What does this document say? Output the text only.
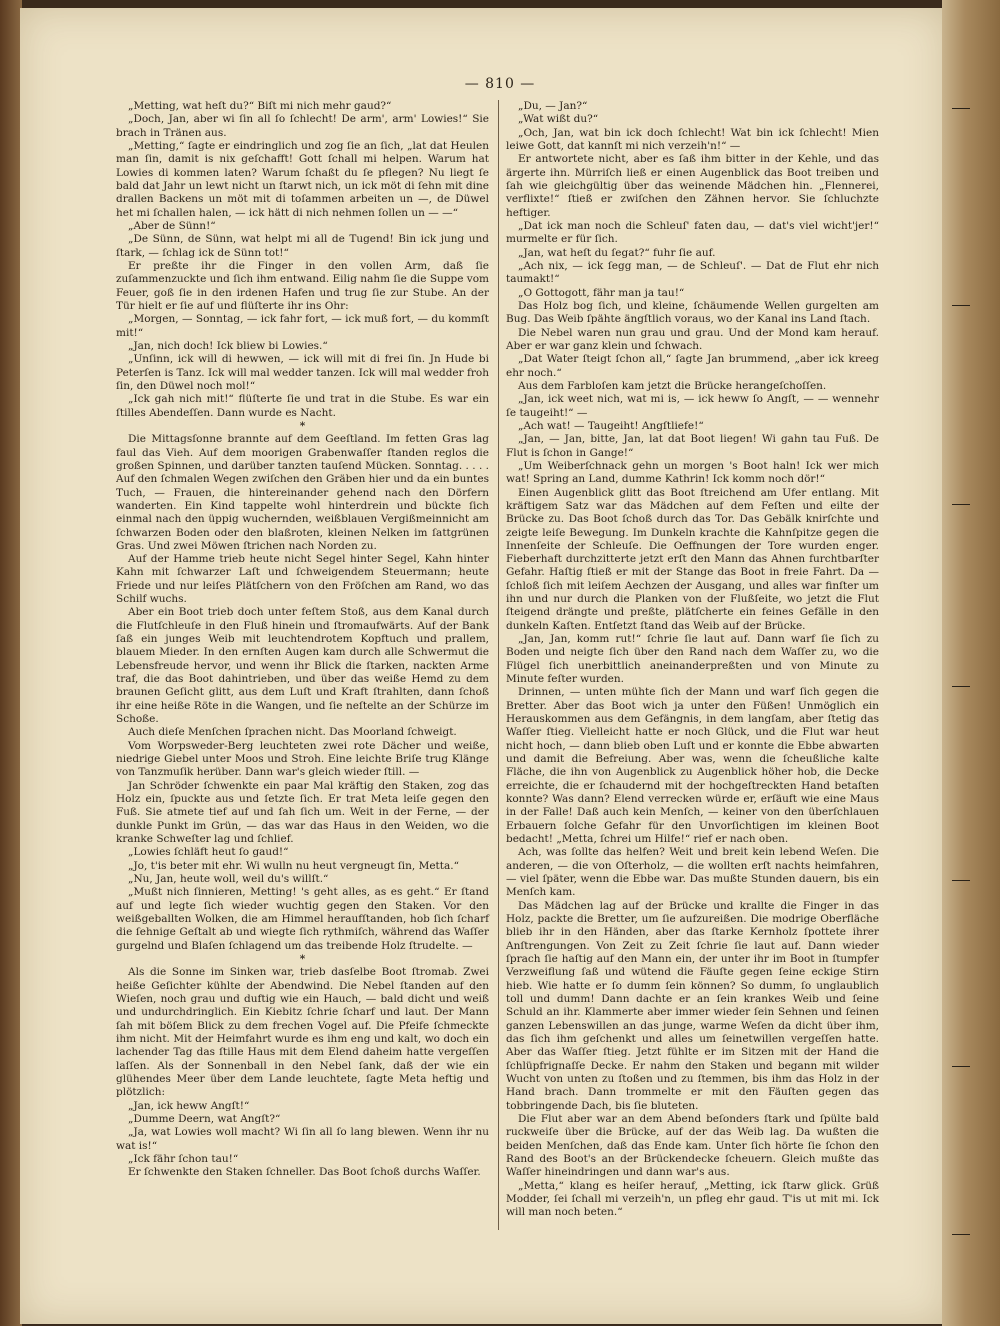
— 810 —

„Metting, wat heſt du?“ Biſt mi nich mehr gaud?“

„Doch, Jan, aber wi ſin all ſo ſchlecht! De arm', arm' Lowies!“ Sie brach in Tränen aus.

„Metting,“ ſagte er eindringlich und zog ſie an ſich, „lat dat Heulen man ſin, damit is nix geſchafft! Gott ſchall mi helpen. Warum hat Lowies di kommen laten? Warum ſchaßt du ſe pflegen? Nu liegt ſe bald dat Jahr un lewt nicht un ſtarwt nich, un ick möt di ſehn mit dine drallen Backens un möt mit di toſammen arbeiten un —, de Düwel het mi ſchallen halen, — ick hätt di nich nehmen ſollen un — —“

„Aber de Sünn!“

„De Sünn, de Sünn, wat helpt mi all de Tugend! Bin ick jung und ſtark, — ſchlag ick de Sünn tot!“

Er preßte ihr die Finger in den vollen Arm, daß ſie zuſammenzuckte und ſich ihm entwand. Eilig nahm ſie die Suppe vom Feuer, goß ſie in den irdenen Hafen und trug ſie zur Stube. An der Tür hielt er ſie auf und flüſterte ihr ins Ohr:

„Morgen, — Sonntag, — ick fahr fort, — ick muß fort, — du kommſt mit!“

„Jan, nich doch! Ick bliew bi Lowies.“

„Unſinn, ick will di hewwen, — ick will mit di frei ſin. Jn Hude bi Peterſen is Tanz. Ick will mal wedder tanzen. Ick will mal wedder froh ſin, den Düwel noch mol!“

„Ick gah nich mit!“ flüſterte ſie und trat in die Stube. Es war ein ſtilles Abendeſſen. Dann wurde es Nacht.

*

Die Mittagsſonne brannte auf dem Geeſtland. Im fetten Gras lag faul das Vieh. Auf dem moorigen Grabenwaſſer ſtanden reglos die großen Spinnen, und darüber tanzten tauſend Mücken. Sonntag. . . . . Auf den ſchmalen Wegen zwiſchen den Gräben hier und da ein buntes Tuch, — Frauen, die hintereinander gehend nach den Dörfern wanderten. Ein Kind tappelte wohl hinterdrein und bückte ſich einmal nach den üppig wuchernden, weißblauen Vergißmeinnicht am ſchwarzen Boden oder den blaßroten, kleinen Nelken im ſattgrünen Gras. Und zwei Möwen ſtrichen nach Norden zu.

Auf der Hamme trieb heute nicht Segel hinter Segel, Kahn hinter Kahn mit ſchwarzer Laſt und ſchweigendem Steuermann; heute Friede und nur leiſes Plätſchern von den Fröſchen am Rand, wo das Schilf wuchs.

Aber ein Boot trieb doch unter feſtem Stoß, aus dem Kanal durch die Flutſchleuſe in den Fluß hinein und ſtromaufwärts. Auf der Bank ſaß ein junges Weib mit leuchtendrotem Kopftuch und prallem, blauem Mieder. In den ernſten Augen kam durch alle Schwermut die Lebensfreude hervor, und wenn ihr Blick die ſtarken, nackten Arme traf, die das Boot dahintrieben, und über das weiße Hemd zu dem braunen Geſicht glitt, aus dem Luſt und Kraft ſtrahlten, dann ſchoß ihr eine heiße Röte in die Wangen, und ſie neſtelte an der Schürze im Schoße.

Auch dieſe Menſchen ſprachen nicht. Das Moorland ſchweigt.

Vom Worpsweder-Berg leuchteten zwei rote Dächer und weiße, niedrige Giebel unter Moos und Stroh. Eine leichte Briſe trug Klänge von Tanzmuſik herüber. Dann war's gleich wieder ſtill. —

Jan Schröder ſchwenkte ein paar Mal kräftig den Staken, zog das Holz ein, ſpuckte aus und ſetzte ſich. Er trat Meta leiſe gegen den Fuß. Sie atmete tief auf und ſah ſich um. Weit in der Ferne, — der dunkle Punkt im Grün, — das war das Haus in den Weiden, wo die kranke Schweſter lag und ſchlief.

„Lowies ſchläft heut ſo gaud!“

„Jo, t'is beter mit ehr. Wi wulln nu heut vergneugt ſin, Metta.“

„Nu, Jan, heute woll, weil du's willſt.“

„Mußt nich ſinnieren, Metting! 's geht alles, as es geht.“ Er ſtand auf und legte ſich wieder wuchtig gegen den Staken. Vor den weißgeballten Wolken, die am Himmel heraufſtanden, hob ſich ſcharf die ſehnige Geſtalt ab und wiegte ſich rythmiſch, während das Waſſer gurgelnd und Blaſen ſchlagend um das treibende Holz ſtrudelte. —

*

Als die Sonne im Sinken war, trieb dasſelbe Boot ſtromab. Zwei heiße Geſichter kühlte der Abendwind. Die Nebel ſtanden auf den Wieſen, noch grau und duftig wie ein Hauch, — bald dicht und weiß und undurchdringlich. Ein Kiebitz ſchrie ſcharf und laut. Der Mann ſah mit böſem Blick zu dem frechen Vogel auf. Die Pfeife ſchmeckte ihm nicht. Mit der Heimfahrt wurde es ihm eng und kalt, wo doch ein lachender Tag das ſtille Haus mit dem Elend daheim hatte vergeſſen laſſen. Als der Sonnenball in den Nebel ſank, daß der wie ein glühendes Meer über dem Lande leuchtete, ſagte Meta heftig und plötzlich:

„Jan, ick heww Angſt!“

„Dumme Deern, wat Angſt?“

„Ja, wat Lowies woll macht? Wi ſin all ſo lang blewen. Wenn ihr nu wat is!“

„Ick fähr ſchon tau!“

Er ſchwenkte den Staken ſchneller. Das Boot ſchoß durchs Waſſer.

„Du, — Jan?“

„Wat wißt du?“

„Och, Jan, wat bin ick doch ſchlecht! Wat bin ick ſchlecht! Mien leiwe Gott, dat kannſt mi nich verzeih'n!“ —

Er antwortete nicht, aber es ſaß ihm bitter in der Kehle, und das ärgerte ihn. Mürriſch ließ er einen Augenblick das Boot treiben und ſah wie gleichgültig über das weinende Mädchen hin. „Flennerei, verflixte!“ ſtieß er zwiſchen den Zähnen hervor. Sie ſchluchzte heftiger.

„Dat ick man noch die Schleuſ' faten dau, — dat's viel wicht'jer!“ murmelte er für ſich.

„Jan, wat heſt du ſegat?“ fuhr ſie auf.

„Ach nix, — ick ſegg man, — de Schleuſ'. — Dat de Flut ehr nich taumakt!“

„O Gottogott, fähr man ja tau!“

Das Holz bog ſich, und kleine, ſchäumende Wellen gurgelten am Bug. Das Weib ſpähte ängſtlich voraus, wo der Kanal ins Land ſtach.

Die Nebel waren nun grau und grau. Und der Mond kam herauf. Aber er war ganz klein und ſchwach.

„Dat Water ſteigt ſchon all,“ ſagte Jan brummend, „aber ick kreeg ehr noch.“

Aus dem Farbloſen kam jetzt die Brücke herangeſchoſſen.

„Jan, ick weet nich, wat mi is, — ick heww ſo Angſt, — — wennehr ſe taugeiht!“ —

„Ach wat! — Taugeiht! Angſtliefe!“

„Jan, — Jan, bitte, Jan, lat dat Boot liegen! Wi gahn tau Fuß. De Flut is ſchon in Gange!“

„Um Weiberſchnack gehn un morgen 's Boot haln! Ick wer mich wat! Spring an Land, dumme Kathrin! Ick komm noch dör!“

Einen Augenblick glitt das Boot ſtreichend am Ufer entlang. Mit kräftigem Satz war das Mädchen auf dem Feſten und eilte der Brücke zu. Das Boot ſchoß durch das Tor. Das Gebälk knirſchte und zeigte leiſe Bewegung. Im Dunkeln krachte die Kahnſpitze gegen die Innenſeite der Schleuſe. Die Oeffnungen der Tore wurden enger. Fieberhaft durchzitterte jetzt erſt den Mann das Ahnen furchtbarſter Gefahr. Haſtig ſtieß er mit der Stange das Boot in freie Fahrt. Da — ſchloß ſich mit leiſem Aechzen der Ausgang, und alles war finſter um ihn und nur durch die Planken von der Flußſeite, wo jetzt die Flut ſteigend drängte und preßte, plätſcherte ein feines Gefälle in den dunkeln Kaſten. Entſetzt ſtand das Weib auf der Brücke.

„Jan, Jan, komm rut!“ ſchrie ſie laut auf. Dann warf ſie ſich zu Boden und neigte ſich über den Rand nach dem Waſſer zu, wo die Flügel ſich unerbittlich aneinanderpreßten und von Minute zu Minute feſter wurden.

Drinnen, — unten mühte ſich der Mann und warf ſich gegen die Bretter. Aber das Boot wich ja unter den Füßen! Unmöglich ein Herauskommen aus dem Gefängnis, in dem langſam, aber ſtetig das Waſſer ſtieg. Vielleicht hatte er noch Glück, und die Flut war heut nicht hoch, — dann blieb oben Luſt und er konnte die Ebbe abwarten und damit die Befreiung. Aber was, wenn die ſcheußliche kalte Fläche, die ihn von Augenblick zu Augenblick höher hob, die Decke erreichte, die er ſchaudernd mit der hochgeſtreckten Hand betaſten konnte? Was dann? Elend verrecken würde er, erſäuft wie eine Maus in der Falle! Daß auch kein Menſch, — keiner von den überſchlauen Erbauern ſolche Gefahr für den Unvorſichtigen im kleinen Boot bedacht! „Metta, ſchrei um Hilfe!“ rief er nach oben.

Ach, was ſollte das helfen? Weit und breit kein lebend Weſen. Die anderen, — die von Oſterholz, — die wollten erſt nachts heimfahren, — viel ſpäter, wenn die Ebbe war. Das mußte Stunden dauern, bis ein Menſch kam.

Das Mädchen lag auf der Brücke und krallte die Finger in das Holz, packte die Bretter, um ſie aufzureißen. Die modrige Oberfläche blieb ihr in den Händen, aber das ſtarke Kernholz ſpottete ihrer Anſtrengungen. Von Zeit zu Zeit ſchrie ſie laut auf. Dann wieder ſprach ſie haſtig auf den Mann ein, der unter ihr im Boot in ſtumpfer Verzweiflung ſaß und wütend die Fäuſte gegen ſeine eckige Stirn hieb. Wie hatte er ſo dumm ſein können? So dumm, ſo unglaublich toll und dumm! Dann dachte er an ſein krankes Weib und ſeine Schuld an ihr. Klammerte aber immer wieder ſein Sehnen und ſeinen ganzen Lebenswillen an das junge, warme Weſen da dicht über ihm, das ſich ihm geſchenkt und alles um ſeinetwillen vergeſſen hatte. Aber das Waſſer ſtieg. Jetzt fühlte er im Sitzen mit der Hand die ſchlüpfrignaſſe Decke. Er nahm den Staken und begann mit wilder Wucht von unten zu ſtoßen und zu ſtemmen, bis ihm das Holz in der Hand brach. Dann trommelte er mit den Fäuſten gegen das tobbringende Dach, bis ſie bluteten.

Die Flut aber war an dem Abend beſonders ſtark und ſpülte bald ruckweiſe über die Brücke, auf der das Weib lag. Da wußten die beiden Menſchen, daß das Ende kam. Unter ſich hörte ſie ſchon den Rand des Boot's an der Brückendecke ſcheuern. Gleich mußte das Waſſer hineindringen und dann war's aus.

„Metta,“ klang es heiſer herauf, „Metting, ick ſtarw glick. Grüß Modder, ſei ſchall mi verzeih'n, un pfleg ehr gaud. T'is ut mit mi. Ick will man noch beten.“
